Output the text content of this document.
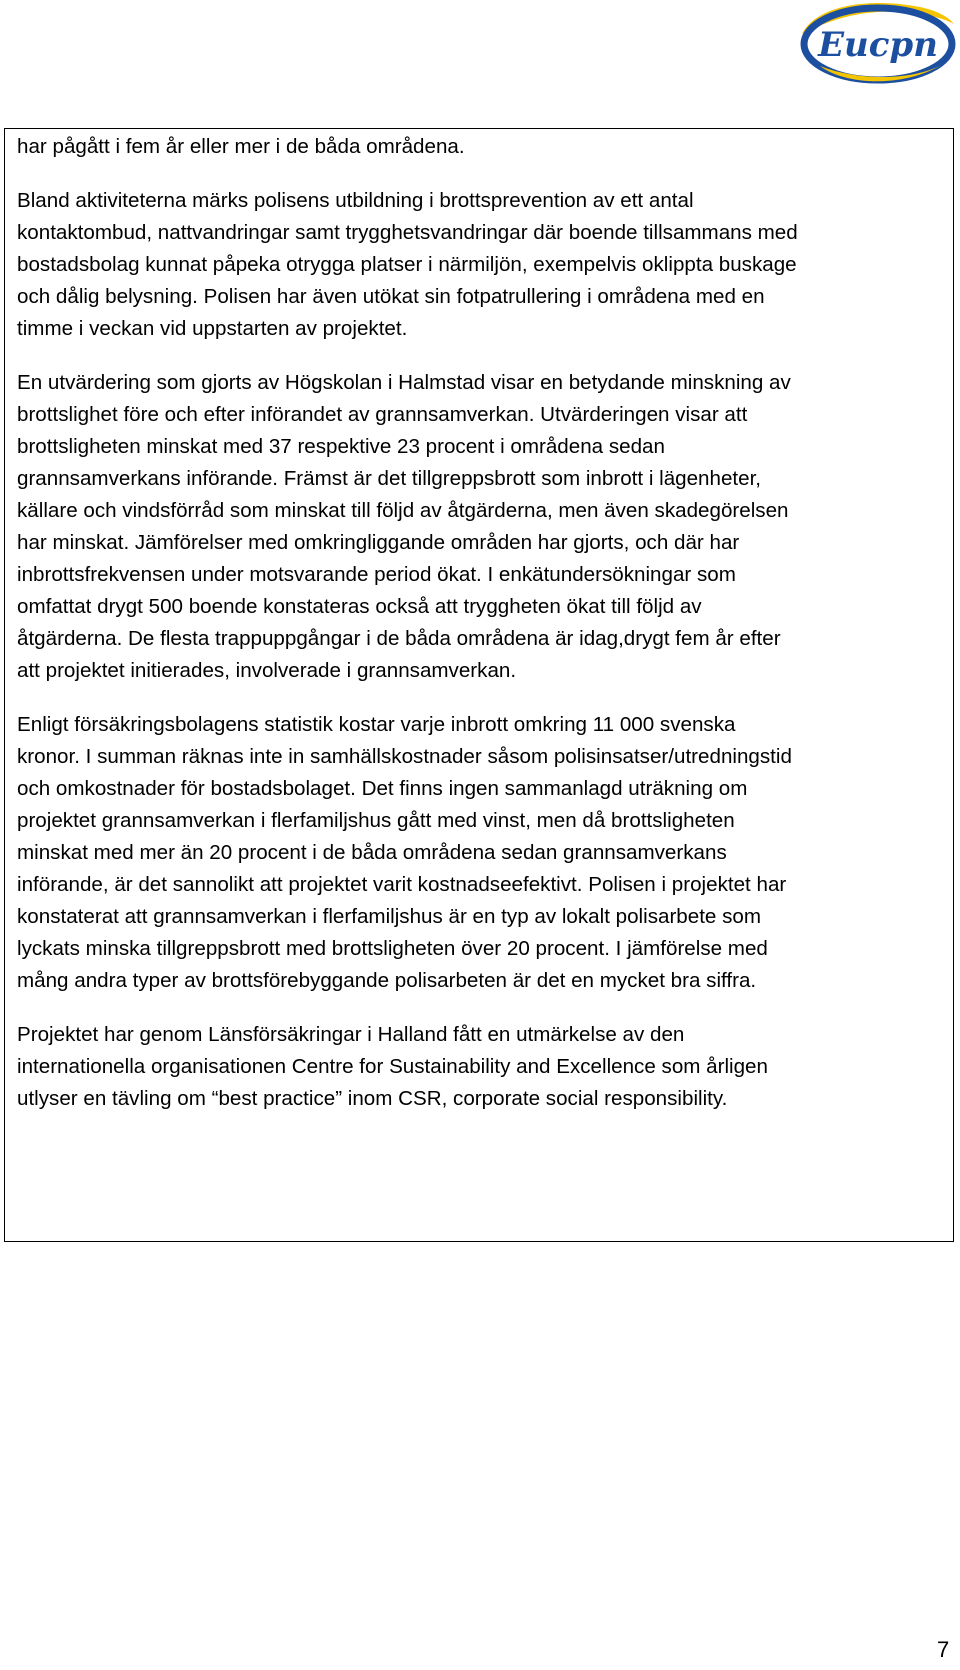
Eucpn

har pågått i fem år eller mer i de båda områdena.

Bland aktiviteterna märks polisens utbildning i brottsprevention av ett antal
kontaktombud, nattvandringar samt trygghetsvandringar där boende tillsammans med
bostadsbolag kunnat påpeka otrygga platser i närmiljön, exempelvis oklippta buskage
och dålig belysning. Polisen har även utökat sin fotpatrullering i områdena med en
timme i veckan vid uppstarten av projektet.

En utvärdering som gjorts av Högskolan i Halmstad visar en betydande minskning av
brottslighet före och efter införandet av grannsamverkan. Utvärderingen visar att
brottsligheten minskat med 37 respektive 23 procent i områdena sedan
grannsamverkans införande. Främst är det tillgreppsbrott som inbrott i lägenheter,
källare och vindsförråd som minskat till följd av åtgärderna, men även skadegörelsen
har minskat. Jämförelser med omkringliggande områden har gjorts, och där har
inbrottsfrekvensen under motsvarande period ökat. I enkätundersökningar som
omfattat drygt 500 boende konstateras också att tryggheten ökat till följd av
åtgärderna. De flesta trappuppgångar i de båda områdena är idag,drygt fem år efter
att projektet initierades, involverade i grannsamverkan.

Enligt försäkringsbolagens statistik kostar varje inbrott omkring 11 000 svenska
kronor. I summan räknas inte in samhällskostnader såsom polisinsatser/utredningstid
och omkostnader för bostadsbolaget. Det finns ingen sammanlagd uträkning om
projektet grannsamverkan i flerfamiljshus gått med vinst, men då brottsligheten
minskat med mer än 20 procent i de båda områdena sedan grannsamverkans
införande, är det sannolikt att projektet varit kostnadseefektivt. Polisen i projektet har
konstaterat att grannsamverkan i flerfamiljshus är en typ av lokalt polisarbete som
lyckats minska tillgreppsbrott med brottsligheten över 20 procent. I jämförelse med
mång andra typer av brottsförebyggande polisarbeten är det en mycket bra siffra.

Projektet har genom Länsförsäkringar i Halland fått en utmärkelse av den
internationella organisationen Centre for Sustainability and Excellence som årligen
utlyser en tävling om “best practice” inom CSR, corporate social responsibility.

7
